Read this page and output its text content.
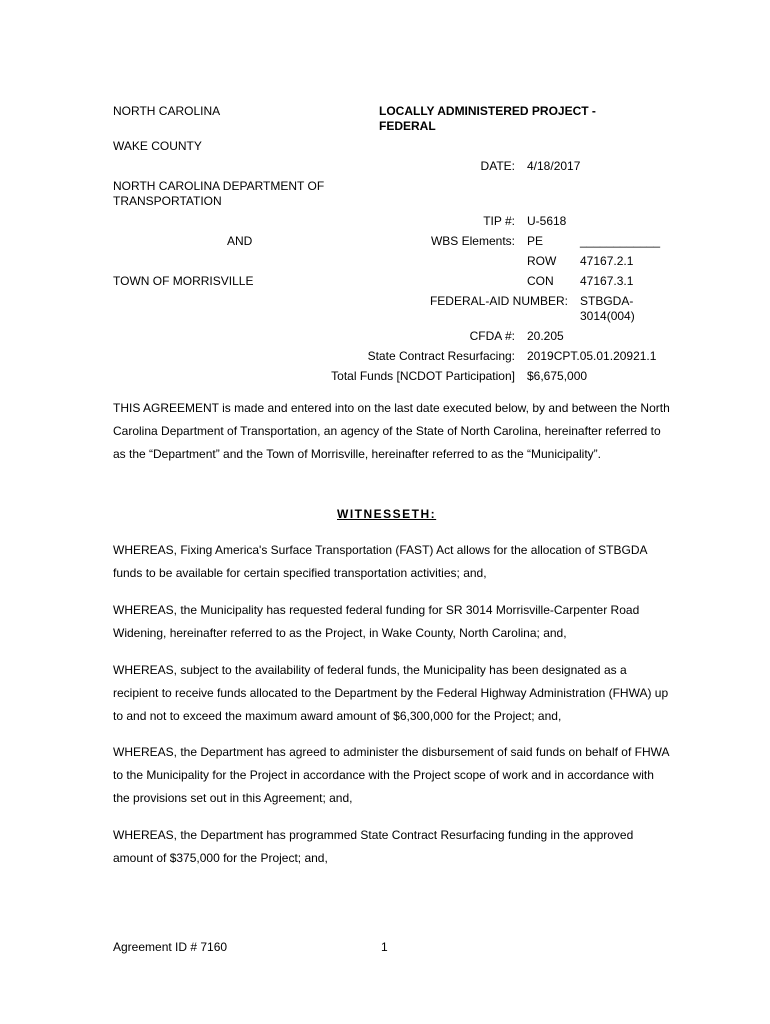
NORTH CAROLINA
WAKE COUNTY
NORTH CAROLINA DEPARTMENT OF
TRANSPORTATION
AND
TOWN OF MORRISVILLE
LOCALLY ADMINISTERED PROJECT -
FEDERAL
DATE: 4/18/2017
TIP #: U-5618
WBS Elements: PE	____________
ROW 47167.2.1
CON 47167.3.1
FEDERAL-AID NUMBER: STBGDA-
3014(004)
CFDA #: 20.205
State Contract Resurfacing: 2019CPT.05.01.20921.1
Total Funds [NCDOT Participation] $6,675,000
THIS AGREEMENT is made and entered into on the last date executed below, by and between the North Carolina Department of Transportation, an agency of the State of North Carolina, hereinafter referred to as the “Department” and the Town of Morrisville, hereinafter referred to as the “Municipality”.
WITNESSETH:
WHEREAS, Fixing America's Surface Transportation (FAST) Act allows for the allocation of STBGDA funds to be available for certain specified transportation activities; and,
WHEREAS, the Municipality has requested federal funding for SR 3014 Morrisville-Carpenter Road Widening, hereinafter referred to as the Project, in Wake County, North Carolina; and,
WHEREAS, subject to the availability of federal funds, the Municipality has been designated as a recipient to receive funds allocated to the Department by the Federal Highway Administration (FHWA) up to and not to exceed the maximum award amount of $6,300,000 for the Project; and,
WHEREAS, the Department has agreed to administer the disbursement of said funds on behalf of FHWA to the Municipality for the Project in accordance with the Project scope of work and in accordance with the provisions set out in this Agreement; and,
WHEREAS, the Department has programmed State Contract Resurfacing funding in the approved amount of $375,000 for the Project; and,
Agreement ID # 7160	1
